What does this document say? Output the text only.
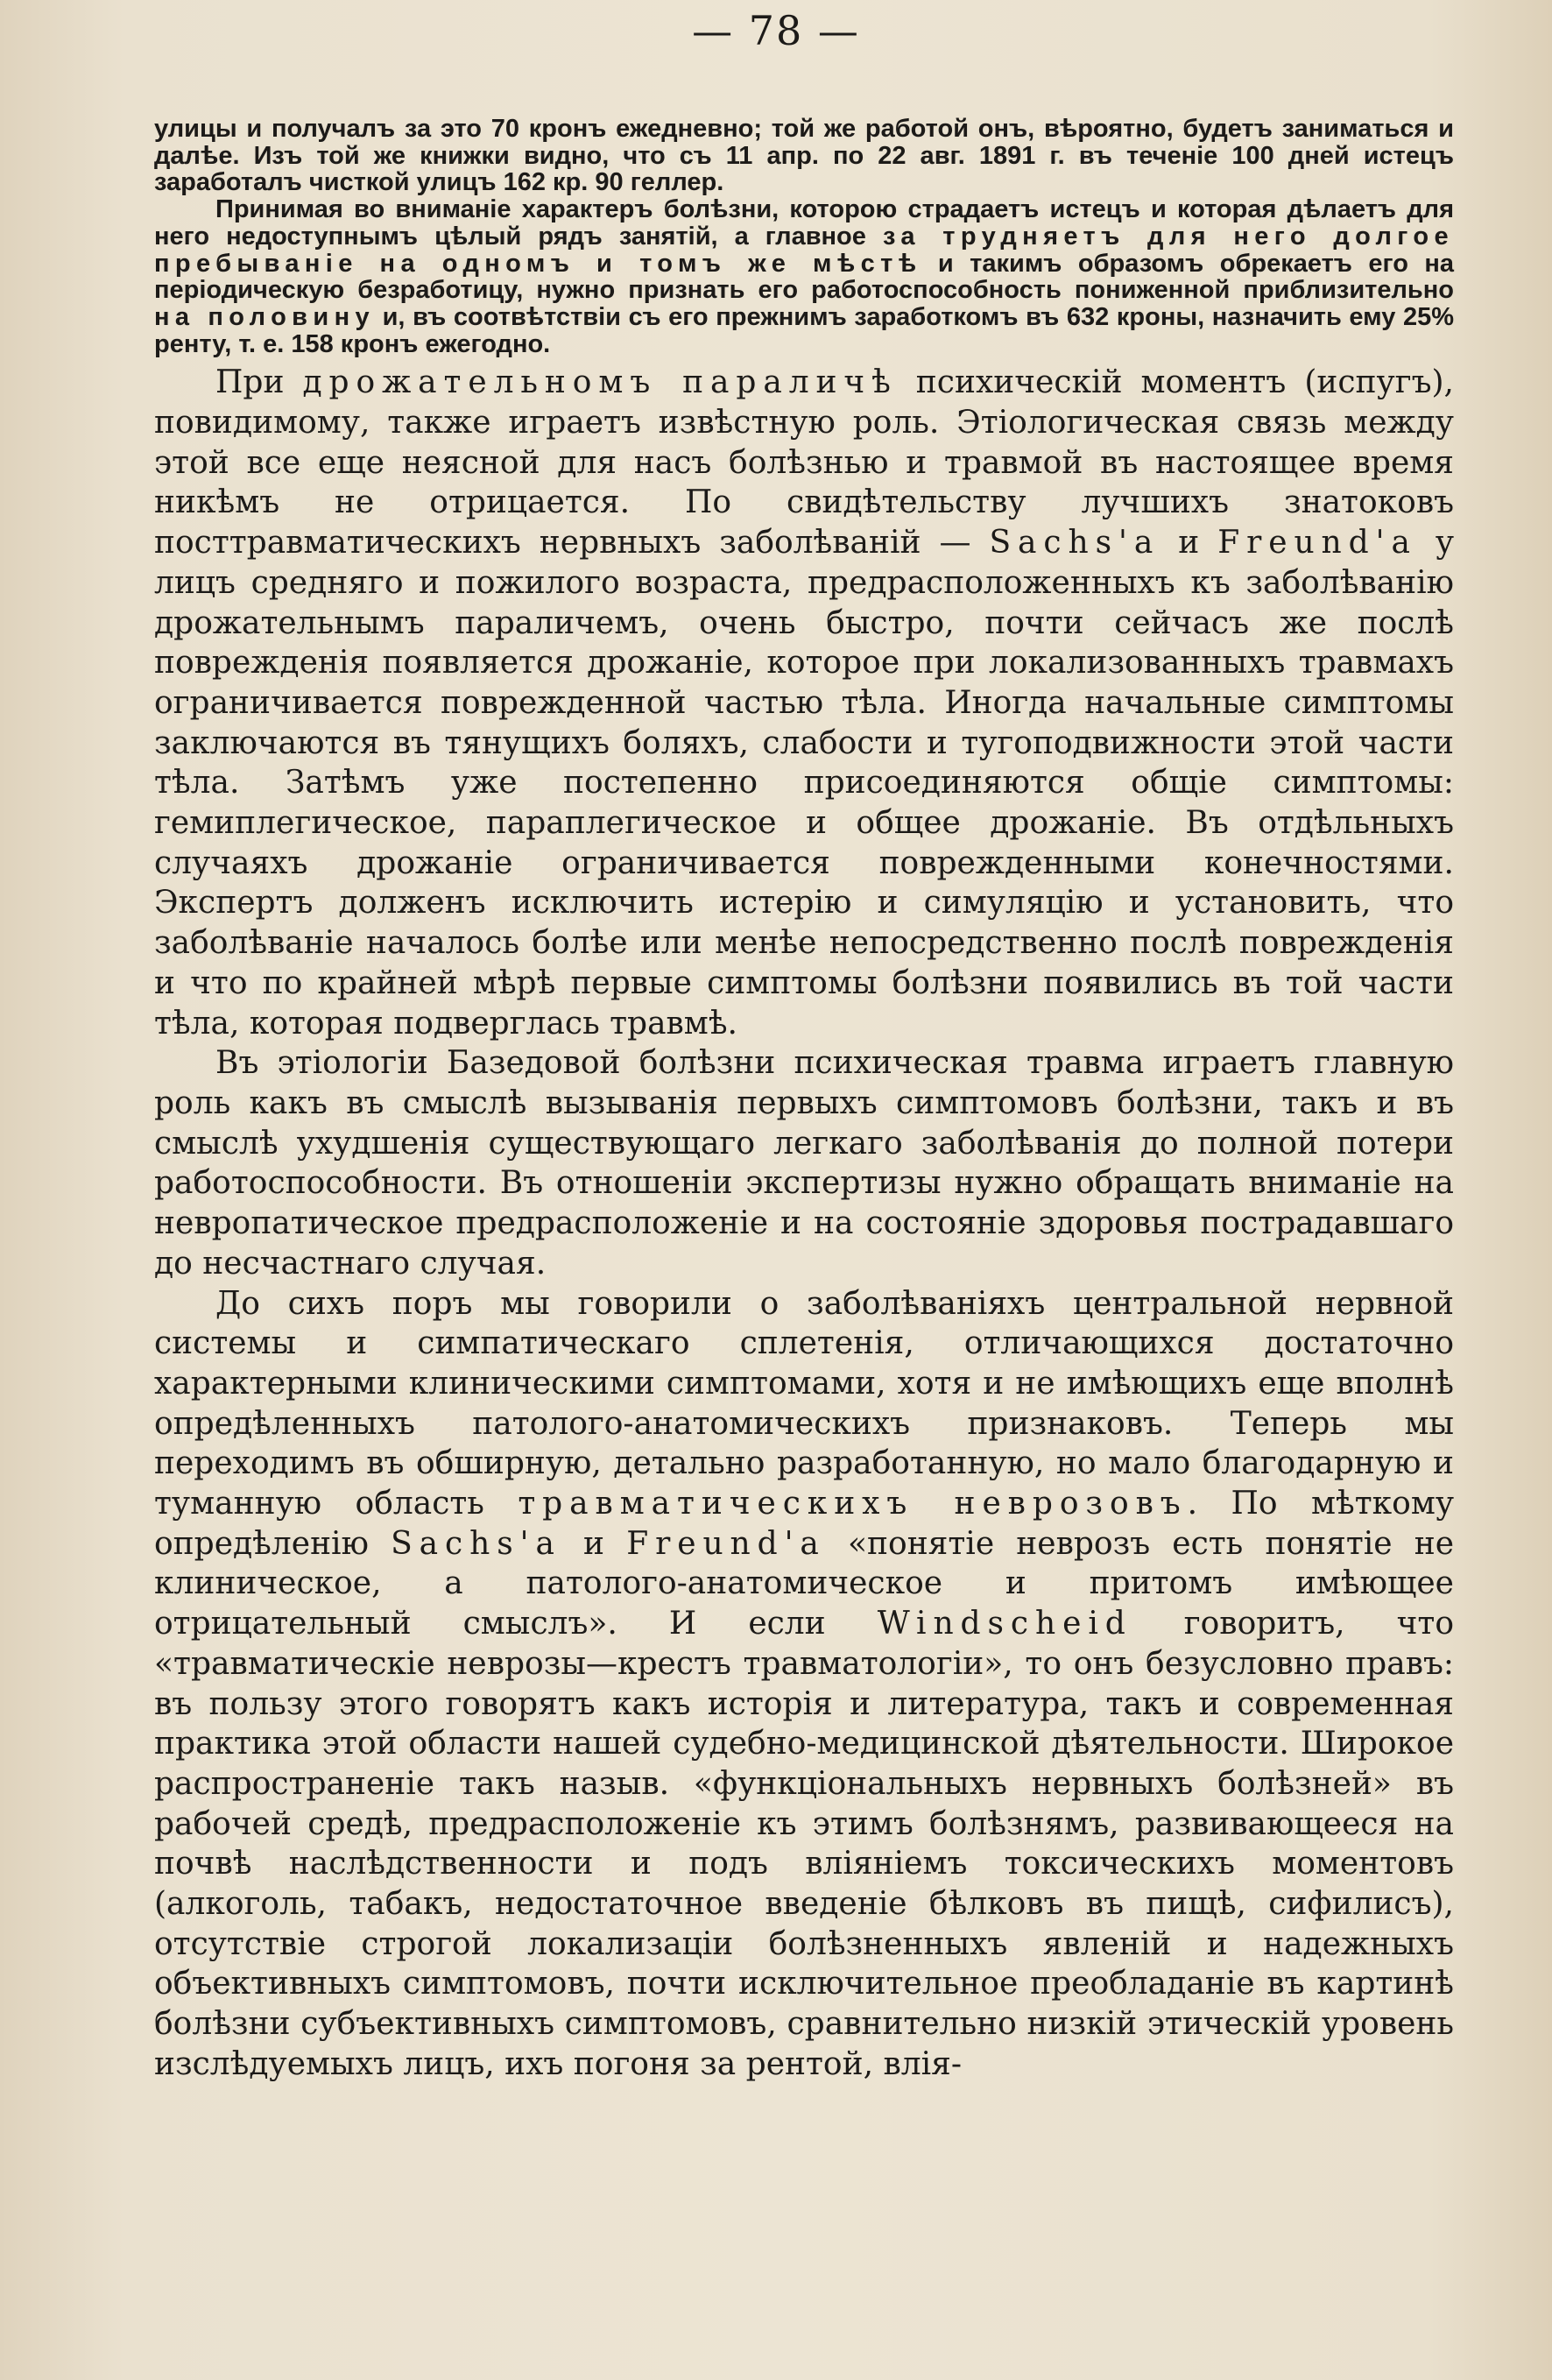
— 78 —

улицы и получалъ за это 70 кронъ ежедневно; той же работой онъ, вѣроятно, будетъ заниматься и далѣе. Изъ той же книжки видно, что съ 11 апр. по 22 авг. 1891 г. въ теченіе 100 дней истецъ заработалъ чисткой улицъ 162 кр. 90 геллер.

Принимая во вниманіе характеръ болѣзни, которою страдаетъ истецъ и которая дѣлаетъ для него недоступнымъ цѣлый рядъ занятій, а главное за трудняетъ для него долгое пребываніе на одномъ и томъ же мѣстѣ и такимъ образомъ обрекаетъ его на періодическую безработицу, нужно признать его работоспособность пониженной приблизительно на половину и, въ соотвѣтствіи съ его прежнимъ заработкомъ въ 632 кроны, назначить ему 25% ренту, т. е. 158 кронъ ежегодно.

При дрожательномъ параличѣ психическій моментъ (испугъ), повидимому, также играетъ извѣстную роль. Этіологическая связь между этой все еще неясной для насъ болѣзнью и травмой въ настоящее время никѣмъ не отрицается. По свидѣтельству лучшихъ знатоковъ посттравматическихъ нервныхъ заболѣваній — Sachs'а и Freund'а у лицъ средняго и пожилого возраста, предрасположенныхъ къ заболѣванію дрожательнымъ параличемъ, очень быстро, почти сейчасъ же послѣ поврежденія появляется дрожаніе, которое при локализованныхъ травмахъ ограничивается поврежденной частью тѣла. Иногда начальные симптомы заключаются въ тянущихъ боляхъ, слабости и тугоподвижности этой части тѣла. Затѣмъ уже постепенно присоединяются общіе симптомы: гемиплегическое, параплегическое и общее дрожаніе. Въ отдѣльныхъ случаяхъ дрожаніе ограничивается поврежденными конечностями. Экспертъ долженъ исключить истерію и симуляцію и установить, что заболѣваніе началось болѣе или менѣе непосредственно послѣ поврежденія и что по крайней мѣрѣ первые симптомы болѣзни появились въ той части тѣла, которая подверглась травмѣ.

Въ этіологіи Базедовой болѣзни психическая травма играетъ главную роль какъ въ смыслѣ вызыванія первыхъ симптомовъ болѣзни, такъ и въ смыслѣ ухудшенія существующаго легкаго заболѣванія до полной потери работоспособности. Въ отношеніи экспертизы нужно обращать вниманіе на невропатическое предрасположеніе и на состояніе здоровья пострадавшаго до несчастнаго случая.

До сихъ поръ мы говорили о заболѣваніяхъ центральной нервной системы и симпатическаго сплетенія, отличающихся достаточно характерными клиническими симптомами, хотя и не имѣющихъ еще вполнѣ опредѣленныхъ патолого-анатомическихъ признаковъ. Теперь мы переходимъ въ обширную, детально разработанную, но мало благодарную и туманную область травматическихъ неврозовъ. По мѣткому опредѣленію Sachs'а и Freund'а «понятіе неврозъ есть понятіе не клиническое, а патолого-анатомическое и притомъ имѣющее отрицательный смыслъ». И если Windscheid говоритъ, что «травматическіе неврозы—крестъ травматологіи», то онъ безусловно правъ: въ пользу этого говорятъ какъ исторія и литература, такъ и современная практика этой области нашей судебно-медицинской дѣятельности. Широкое распространеніе такъ назыв. «функціональныхъ нервныхъ болѣзней» въ рабочей средѣ, предрасположеніе къ этимъ болѣзнямъ, развивающееся на почвѣ наслѣдственности и подъ вліяніемъ токсическихъ моментовъ (алкоголь, табакъ, недостаточное введеніе бѣлковъ въ пищѣ, сифилисъ), отсутствіе строгой локализаціи болѣзненныхъ явленій и надежныхъ объективныхъ симптомовъ, почти исключительное преобладаніе въ картинѣ болѣзни субъективныхъ симптомовъ, сравнительно низкій этическій уровень изслѣдуемыхъ лицъ, ихъ погоня за рентой, влія-
